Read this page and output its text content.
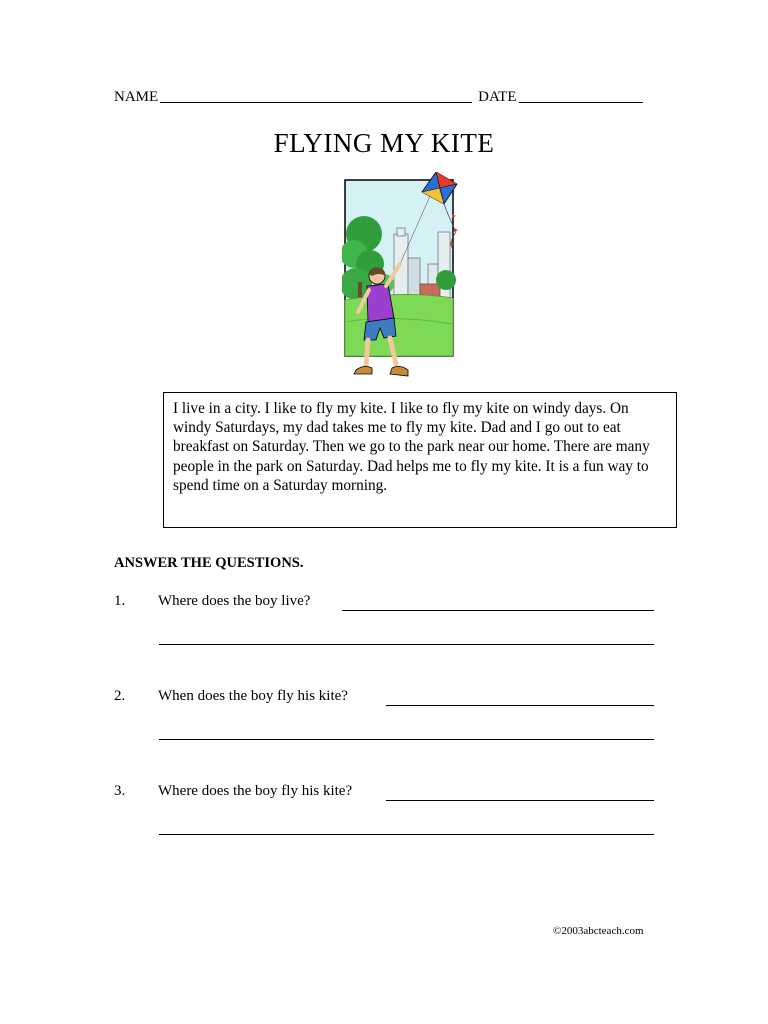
NAME	DATE
FLYING MY KITE
I live in a city. I like to fly my kite. I like to fly my kite on windy days. On windy Saturdays, my dad takes me to fly my kite. Dad and I go out to eat breakfast on Saturday. Then we go to the park near our home. There are many people in the park on Saturday. Dad helps me to fly my kite. It is a fun way to spend time on a Saturday morning.
ANSWER THE QUESTIONS.
1. Where does the boy live?
2. When does the boy fly his kite?
3. Where does the boy fly his kite?
©2003abcteach.com
